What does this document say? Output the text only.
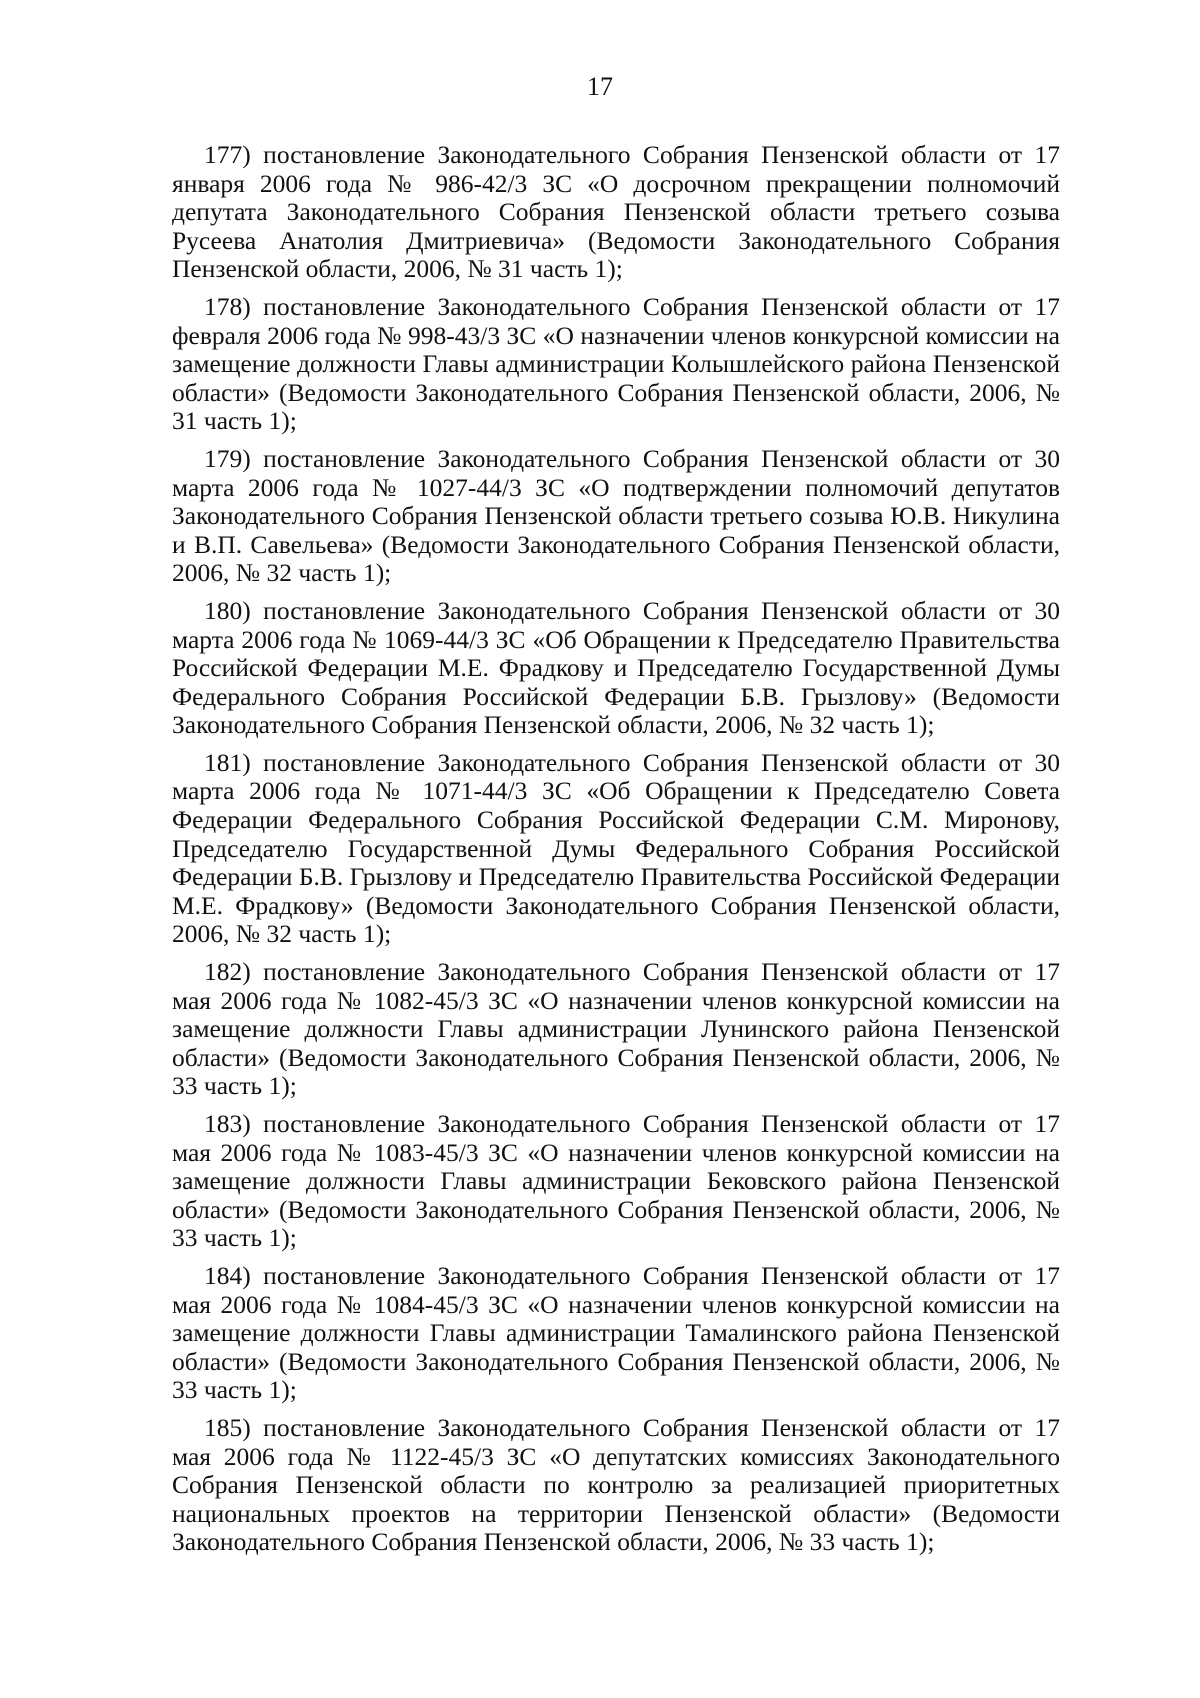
17

177) постановление Законодательного Собрания Пензенской области от 17 января 2006 года № 986-42/3 ЗС «О досрочном прекращении полномочий депутата Законодательного Собрания Пензенской области третьего созыва Русеева Анатолия Дмитриевича» (Ведомости Законодательного Собрания Пензенской области, 2006, № 31 часть 1);

178) постановление Законодательного Собрания Пензенской области от 17 февраля 2006 года № 998-43/3 ЗС «О назначении членов конкурсной комиссии на замещение должности Главы администрации Колышлейского района Пензенской области» (Ведомости Законодательного Собрания Пензенской области, 2006, № 31 часть 1);

179) постановление Законодательного Собрания Пензенской области от 30 марта 2006 года № 1027-44/3 ЗС «О подтверждении полномочий депутатов Законодательного Собрания Пензенской области третьего созыва Ю.В. Никулина и В.П. Савельева» (Ведомости Законодательного Собрания Пензенской области, 2006, № 32 часть 1);

180) постановление Законодательного Собрания Пензенской области от 30 марта 2006 года № 1069-44/3 ЗС «Об Обращении к Председателю Правительства Российской Федерации М.Е. Фрадкову и Председателю Государственной Думы Федерального Собрания Российской Федерации Б.В. Грызлову» (Ведомости Законодательного Собрания Пензенской области, 2006, № 32 часть 1);

181) постановление Законодательного Собрания Пензенской области от 30 марта 2006 года № 1071-44/3 ЗС «Об Обращении к Председателю Совета Федерации Федерального Собрания Российской Федерации С.М. Миронову, Председателю Государственной Думы Федерального Собрания Российской Федерации Б.В. Грызлову и Председателю Правительства Российской Федерации М.Е. Фрадкову» (Ведомости Законодательного Собрания Пензенской области, 2006, № 32 часть 1);

182) постановление Законодательного Собрания Пензенской области от 17 мая 2006 года № 1082-45/3 ЗС «О назначении членов конкурсной комиссии на замещение должности Главы администрации Лунинского района Пензенской области» (Ведомости Законодательного Собрания Пензенской области, 2006, № 33 часть 1);

183) постановление Законодательного Собрания Пензенской области от 17 мая 2006 года № 1083-45/3 ЗС «О назначении членов конкурсной комиссии на замещение должности Главы администрации Бековского района Пензенской области» (Ведомости Законодательного Собрания Пензенской области, 2006, № 33 часть 1);

184) постановление Законодательного Собрания Пензенской области от 17 мая 2006 года № 1084-45/3 ЗС «О назначении членов конкурсной комиссии на замещение должности Главы администрации Тамалинского района Пензенской области» (Ведомости Законодательного Собрания Пензенской области, 2006, № 33 часть 1);

185) постановление Законодательного Собрания Пензенской области от 17 мая 2006 года № 1122-45/3 ЗС «О депутатских комиссиях Законодательного Собрания Пензенской области по контролю за реализацией приоритетных национальных проектов на территории Пензенской области» (Ведомости Законодательного Собрания Пензенской области, 2006, № 33 часть 1);
